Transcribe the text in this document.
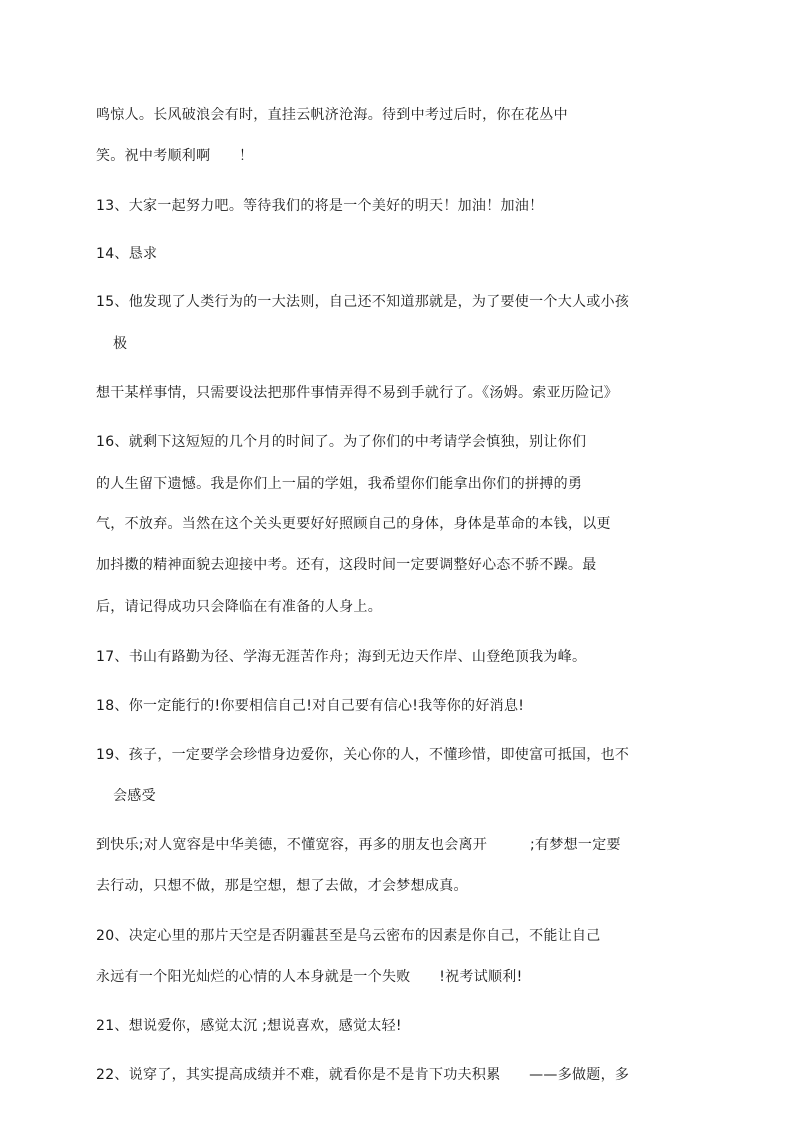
鸣惊人。长风破浪会有时，直挂云帆济沧海。待到中考过后时，你在花丛中
笑。祝中考顺利啊　　！
13、大家一起努力吧。等待我们的将是一个美好的明天！加油！加油！
14、恳求
15、他发现了人类行为的一大法则，自己还不知道那就是，为了要使一个大人或小孩
极
想干某样事情，只需要设法把那件事情弄得不易到手就行了。《汤姆。索亚历险记》
16、就剩下这短短的几个月的时间了。为了你们的中考请学会慎独，别让你们
的人生留下遗憾。我是你们上一届的学姐，我希望你们能拿出你们的拼搏的勇
气，不放弃。当然在这个关头更要好好照顾自己的身体，身体是革命的本钱，以更
加抖擞的精神面貌去迎接中考。还有，这段时间一定要调整好心态不骄不躁。最
后，请记得成功只会降临在有准备的人身上。
17、书山有路勤为径、学海无涯苦作舟；海到无边天作岸、山登绝顶我为峰。
18、你一定能行的!你要相信自己!对自己要有信心!我等你的好消息!
19、孩子，一定要学会珍惜身边爱你，关心你的人，不懂珍惜，即使富可抵国，也不
会感受
到快乐;对人宽容是中华美德，不懂宽容，再多的朋友也会离开　　　;有梦想一定要
去行动，只想不做，那是空想，想了去做，才会梦想成真。
20、决定心里的那片天空是否阴霾甚至是乌云密布的因素是你自己，不能让自己
永远有一个阳光灿烂的心情的人本身就是一个失败　　!祝考试顺利!
21、想说爱你，感觉太沉 ;想说喜欢，感觉太轻!
22、说穿了，其实提高成绩并不难，就看你是不是肯下功夫积累　　——多做题，多
